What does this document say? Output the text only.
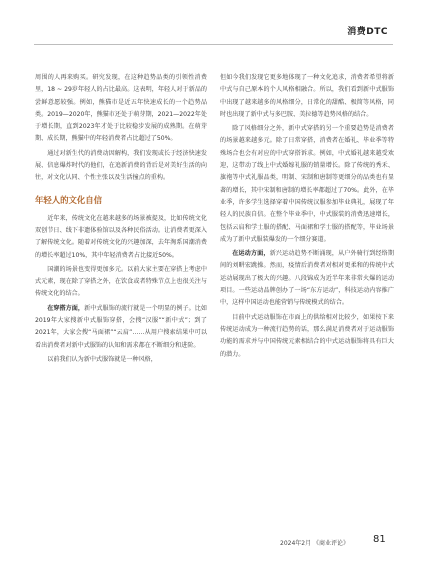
消费DTC

周围的人再来购买。研究发现，在这种趋势品类的引领性消费里，18 ~ 29岁年轻人的占比最高。这表明，年轻人对于新品的尝鲜意愿较强。例如，熊猫市是近五年快速成长的一个趋势品类。2019—2020年，熊猫市还处于萌芽期，2021—2022年处于增长期，直到2023年才处于比较稳步发展的成熟期。在萌芽期、成长期，熊猫中的年轻消费者占比超过了50%。

通过对新生代的消费动因解构，我们发现或长于经济快速发展、信息爆炸时代的他们，在追新消费的背后是对美好生活的向往，对文化认同、个性主张以及生活撞点的重构。

年轻人的文化自信

近年来，传统文化在越来越多的场景被提及，比如传统文化双创节日、线下非遗体验馆以及各种民俗活动。让消费者更深入了解传统文化。随着对传统文化的兴趣加深，去年淘系国潮消费的增长率超过10%，其中年轻消费者占比接近50%。

国潮的场景也变得更加多元。以前大家主要在穿搭上考虑中式元素，现在除了穿搭之外，在饮食或者特殊节点上也很关注与传统文化的结合。

在穿搭方面，新中式服饰的流行就是一个明显的例子。比如2019年大家搜新中式服饰穿搭，会搜“汉服”“新中式”；到了2021年，大家会搜“马面裙”“云肩”……从用户搜索结果中可以看出消费者对新中式服饰的认知和需求都在不断细分和进阶。

以前我们认为新中式服饰就是一种风格，

但如今我们发现它更多地体现了一种文化追求，消费者希望将新中式与自己原本的个人风格相融合。所以，我们看到新中式服饰中出现了越来越多的风格细分，日常化的甜酷、极简等风格，同时也出现了新中式与多巴胺、美拉德等趋势风格的结合。

除了风格细分之外，新中式穿搭的另一个重要趋势是消费者的场景越来越多元。除了日常穿搭，消费者在婚礼、毕业季等特殊场合也会有对应的中式穿搭诉求。例如，中式婚礼越来越受欢迎，这带动了线上中式婚嫁礼服的销量增长。除了传统的秀禾、旗袍等中式礼服品类，明制、宋制和唐制等更细分的品类也有显著的增长，其中宋制和唐制的增长率都超过了70%。此外，在毕业季，许多学生选择穿着中国传统汉服参加毕业典礼，展现了年轻人的民族自信。在整个毕业季中，中式服装的消费迅速增长，包括云肩和学士服的搭配、马面裙和学士服的搭配等，毕业场景成为了新中式服装爆发的一个细分赛道。

在运动方面，新兴运动趋势不断涌现，从户外骑行到经络期间的刘畊宏跳操。然而，疫情后消费者对相对更柔和的传统中式运动展现出了极大的兴趣。八段锦成为近半年来非常火爆的运动项目。一些运动品牌创办了一场“东方运动”，科技运动内容推广中，这样中国运动也能营销与传统模式的结合。

目前中式运动服饰在市面上的供给相对比较少，如果按下来传统运动成为一种流行趋势的话，那么满足消费者对于运动服饰功能的需求并与中国传统元素相结合的中式运动服饰将具有巨大的潜力。

2024年2月 《商业评论》 81
